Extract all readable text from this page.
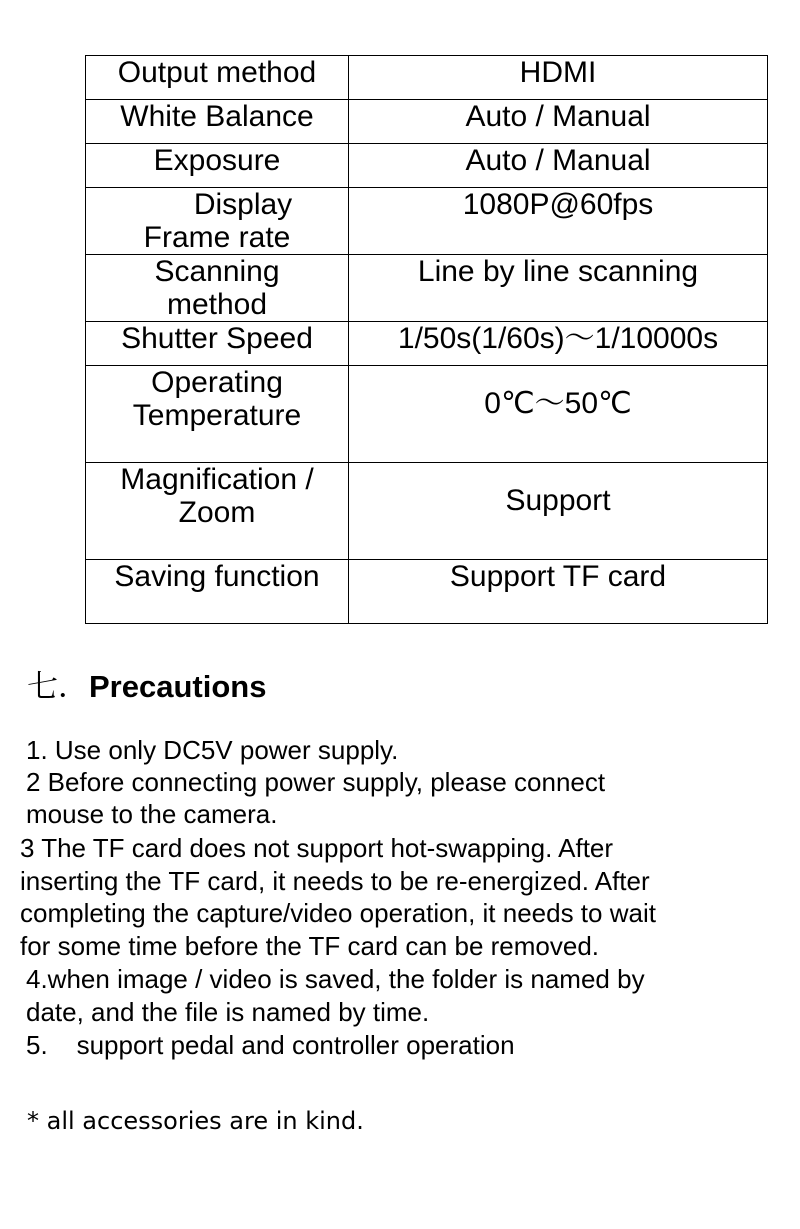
Output method	HDMI
White Balance	Auto / Manual
Exposure	Auto / Manual

Display
Frame rate	1080P@60fps

Scanning
method	Line by line scanning
Shutter Speed	1/50s(1/60s)～1/10000s

Operating
Temperature	0℃～50℃

Magnification /
Zoom	Support
Saving function	Support TF card
七．Precautions
1. Use only DC5V power supply.
2 Before connecting power supply, please connect
mouse to the camera.
3 The TF card does not support hot-swapping. After
inserting the TF card, it needs to be re-energized. After
completing the capture/video operation, it needs to wait
for some time before the TF card can be removed.
4.when image / video is saved, the folder is named by
date, and the file is named by time.
5.    support pedal and controller operation
* all accessories are in kind.
